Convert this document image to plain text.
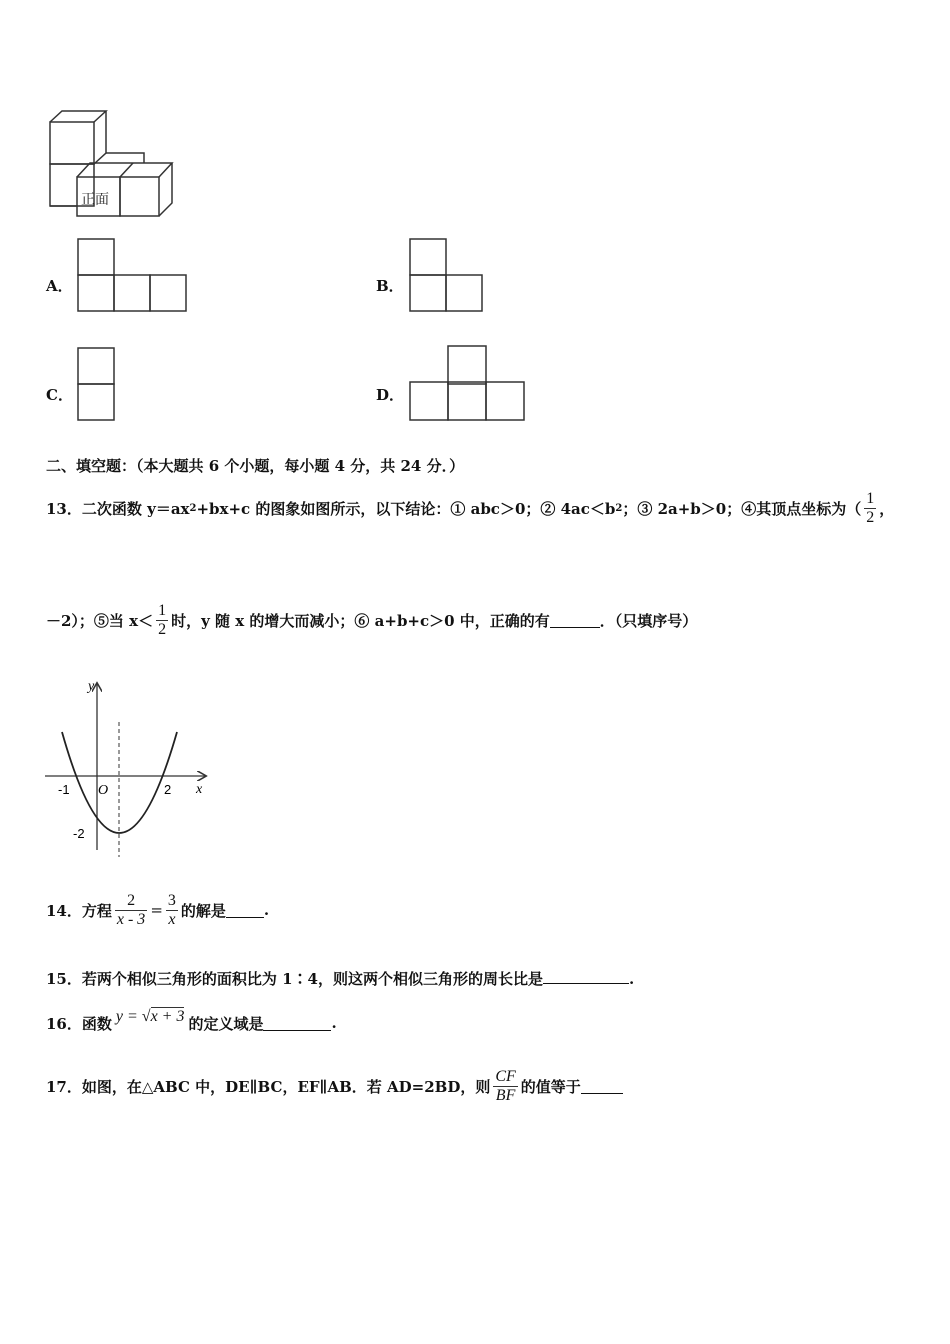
正面
A．	B．
C．	D．
二、填空题：（本大题共 6 个小题，每小题 4 分，共 24 分．）
13．二次函数 y＝ax 2 +bx+c 的图象如图所示，以下结论：① abc＞0；② 4ac＜b 2 ；③ 2a+b＞0；④其顶点坐标为（ $\frac{1}{2}$ ，
－2）；⑤当 $x< \frac{1}{2}$ 时，y 随 x 的增大而减小；⑥ a+b+c＞0 中，正确的有	．（只填序号）
y
x
O
-1	2
-2
14．方程 $\frac{2}{x - 3} = \frac{3}{x}$ 的解是	.
15．若两个相似三角形的面积比为 1∶4，则这两个相似三角形的周长比是	.
16．函数 y = √x + 3 的定义域是	.
17．如图，在△ABC 中，DE∥BC，EF∥AB．若 AD=2BD，则 $\frac{CF}{BF}$ 的值等于
